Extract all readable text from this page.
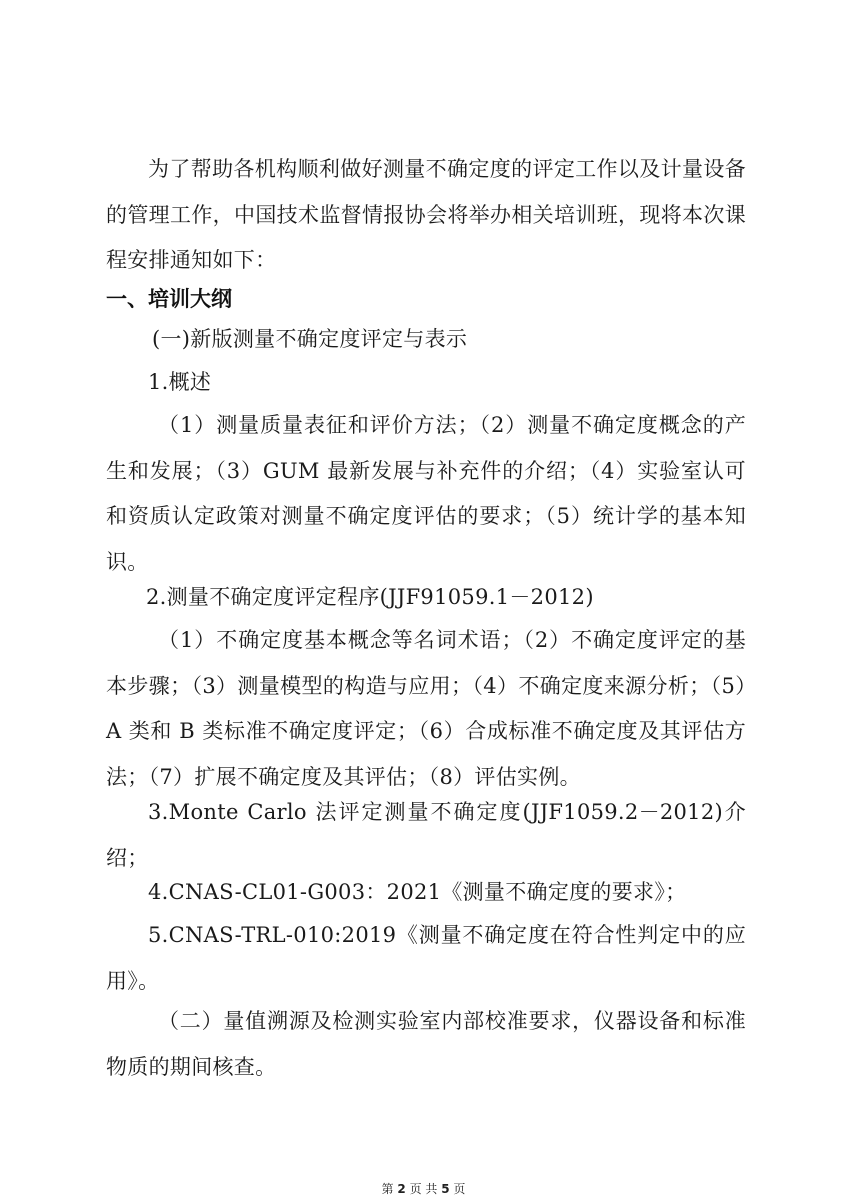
为了帮助各机构顺利做好测量不确定度的评定工作以及计量设备的管理工作，中国技术监督情报协会将举办相关培训班，现将本次课程安排通知如下：

一、培训大纲

(一)新版测量不确定度评定与表示

1.概述

（1）测量质量表征和评价方法；（2）测量不确定度概念的产生和发展；（3）GUM 最新发展与补充件的介绍；（4）实验室认可和资质认定政策对测量不确定度评估的要求；（5）统计学的基本知识。

2.测量不确定度评定程序(JJF91059.1－2012)

（1）不确定度基本概念等名词术语；（2）不确定度评定的基本步骤；（3）测量模型的构造与应用；（4）不确定度来源分析；（5）A 类和 B 类标准不确定度评定；（6）合成标准不确定度及其评估方法；（7）扩展不确定度及其评估；（8）评估实例。

3.Monte Carlo 法评定测量不确定度(JJF1059.2－2012)介绍；

4.CNAS-CL01-G003：2021《测量不确定度的要求》；

5.CNAS-TRL-010:2019《测量不确定度在符合性判定中的应用》。

（二）量值溯源及检测实验室内部校准要求，仪器设备和标准物质的期间核查。

第 2 页 共 5 页
